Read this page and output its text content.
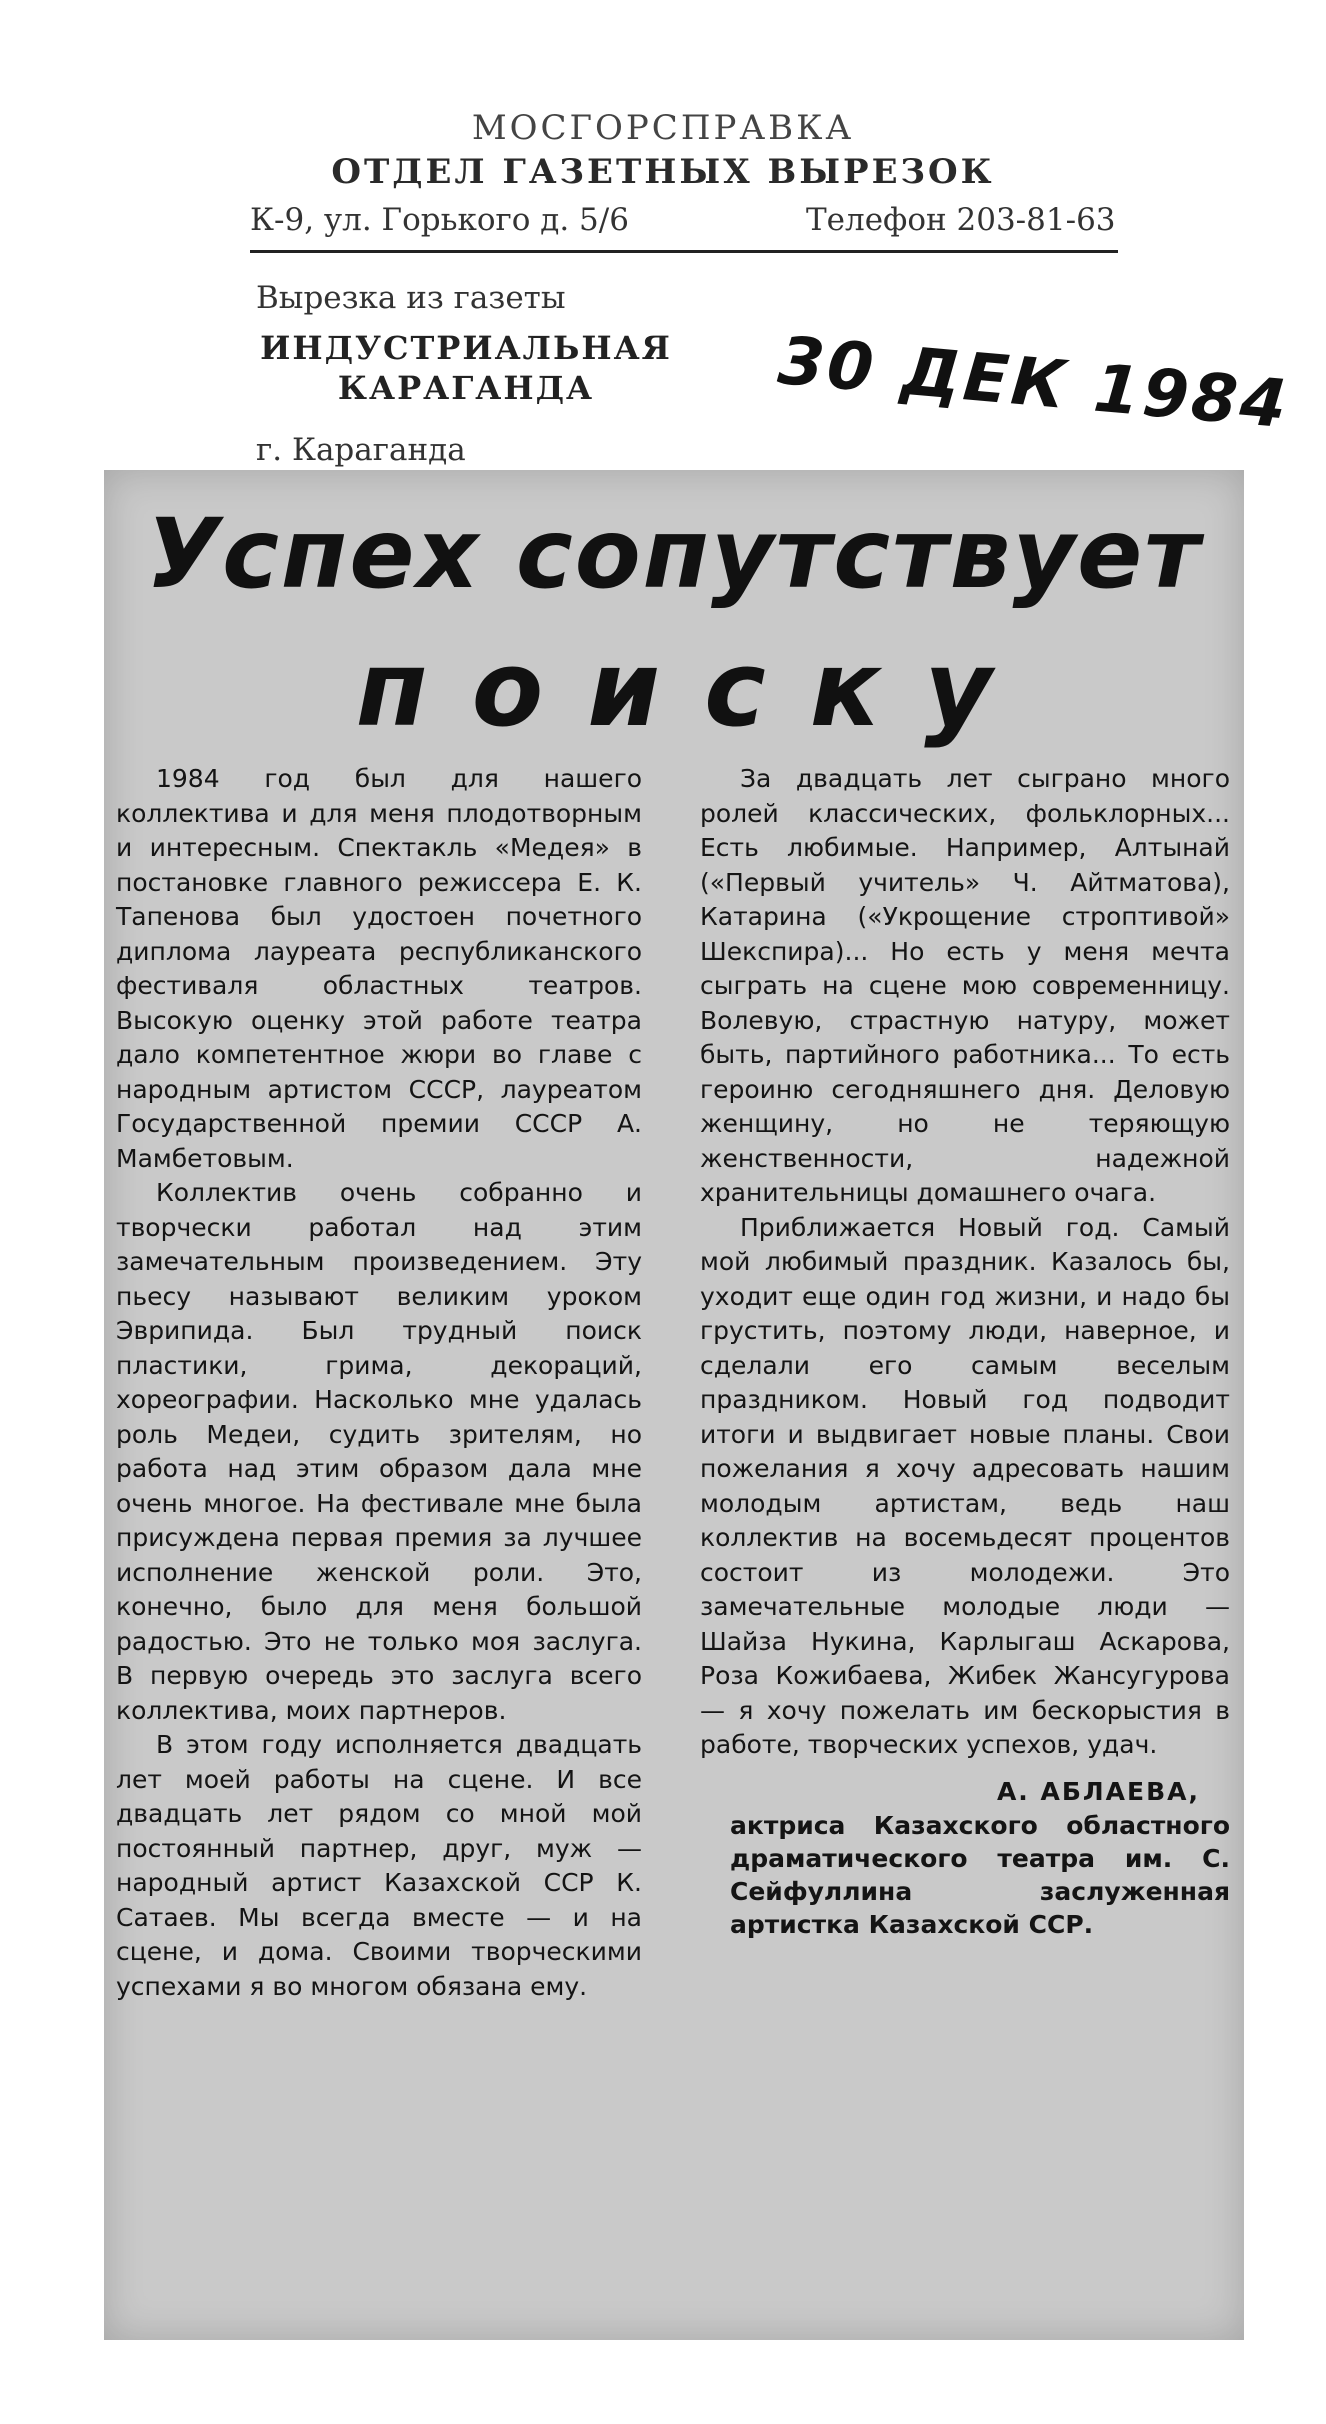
МОСГОРСПРАВКА
ОТДЕЛ ГАЗЕТНЫХ ВЫРЕЗОК
К-9, ул. Горького д. 5/6	Телефон 203-81-63
Вырезка из газеты
ИНДУСТРИАЛЬНАЯ
КАРАГАНДА	30 ДЕК 1984
г. Караганда
Успех сопутствует
поиску

1984 год был для нашего коллектива и для меня плодотворным и интересным. Спектакль «Медея» в постановке главного режиссера Е. К. Тапенова был удостоен почетного диплома лауреата республиканского фестиваля областных театров. Высокую оценку этой работе театра дало компетентное жюри во главе с народным артистом СССР, лауреатом Государственной премии СССР А. Мамбетовым.

Коллектив очень собранно и творчески работал над этим замечательным произведением. Эту пьесу называют великим уроком Эврипида. Был трудный поиск пластики, грима, декораций, хореографии. Насколько мне удалась роль Медеи, судить зрителям, но работа над этим образом дала мне очень многое. На фестивале мне была присуждена первая премия за лучшее исполнение женской роли. Это, конечно, было для меня большой радостью. Это не только моя заслуга. В первую очередь это заслуга всего коллектива, моих партнеров.

В этом году исполняется двадцать лет моей работы на сцене. И все двадцать лет рядом со мной мой постоянный партнер, друг, муж — народный артист Казахской ССР К. Сатаев. Мы всегда вместе — и на сцене, и дома. Своими творческими успехами я во многом обязана ему.

За двадцать лет сыграно много ролей классических, фольклорных... Есть любимые. Например, Алтынай («Первый учитель» Ч. Айтматова), Катарина («Укрощение строптивой» Шекспира)... Но есть у меня мечта сыграть на сцене мою современницу. Волевую, страстную натуру, может быть, партийного работника... То есть героиню сегодняшнего дня. Деловую женщину, но не теряющую женственности, надежной хранительницы домашнего очага.

Приближается Новый год. Самый мой любимый праздник. Казалось бы, уходит еще один год жизни, и надо бы грустить, поэтому люди, наверное, и сделали его самым веселым праздником. Новый год подводит итоги и выдвигает новые планы. Свои пожелания я хочу адресовать нашим молодым артистам, ведь наш коллектив на восемьдесят процентов состоит из молодежи. Это замечательные молодые люди — Шайза Нукина, Карлыгаш Аскарова, Роза Кожибаева, Жибек Жансугурова — я хочу пожелать им бескорыстия в работе, творческих успехов, удач.

А. АБЛАЕВА,

актриса Казахского областного драматического театра им. С. Сейфуллина заслуженная артистка Казахской ССР.
